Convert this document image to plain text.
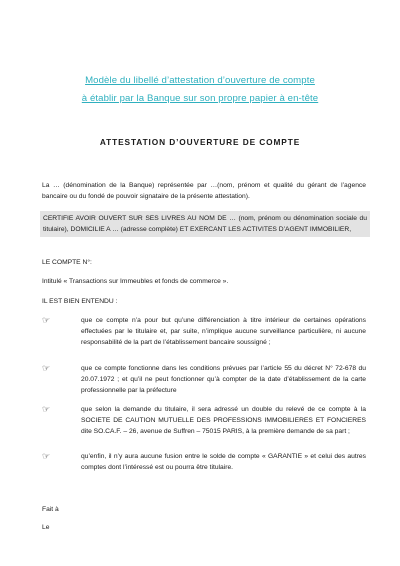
Modèle du libellé d’attestation d’ouverture de compte
à établir par la Banque sur son propre papier à en-tête
ATTESTATION D’OUVERTURE DE COMPTE
La … (dénomination de la Banque) représentée par …(nom, prénom et qualité du gérant de l’agence bancaire ou du fondé de pouvoir signataire de la présente attestation).
CERTIFIE AVOIR OUVERT SUR SES LIVRES AU NOM DE … (nom, prénom ou dénomination sociale du titulaire), DOMICILIE A … (adresse complète) ET EXERCANT LES ACTIVITES D’AGENT IMMOBILIER,
LE COMPTE N°:
Intitulé « Transactions sur Immeubles et fonds de commerce ».
IL EST BIEN ENTENDU :
☞	que ce compte n’a pour but qu’une différenciation à titre intérieur de certaines opérations effectuées par le titulaire et, par suite, n’implique aucune surveillance particulière, ni aucune responsabilité de la part de l’établissement bancaire soussigné ;
☞	que ce compte fonctionne dans les conditions prévues par l’article 55 du décret N° 72-678 du 20.07.1972 ; et qu’il ne peut fonctionner qu’à compter de la date d’établissement de la carte professionnelle par la préfecture
☞	que selon la demande du titulaire, il sera adressé un double du relevé de ce compte à la SOCIETE DE CAUTION MUTUELLE DES PROFESSIONS IMMOBILIERES ET FONCIERES dite SO.CA.F. – 26, avenue de Suffren – 75015 PARIS, à la première demande de sa part ;
☞	qu’enfin, il n’y aura aucune fusion entre le solde de compte « GARANTIE » et celui des autres comptes dont l’intéressé est ou pourra être titulaire.
Fait à
Le
